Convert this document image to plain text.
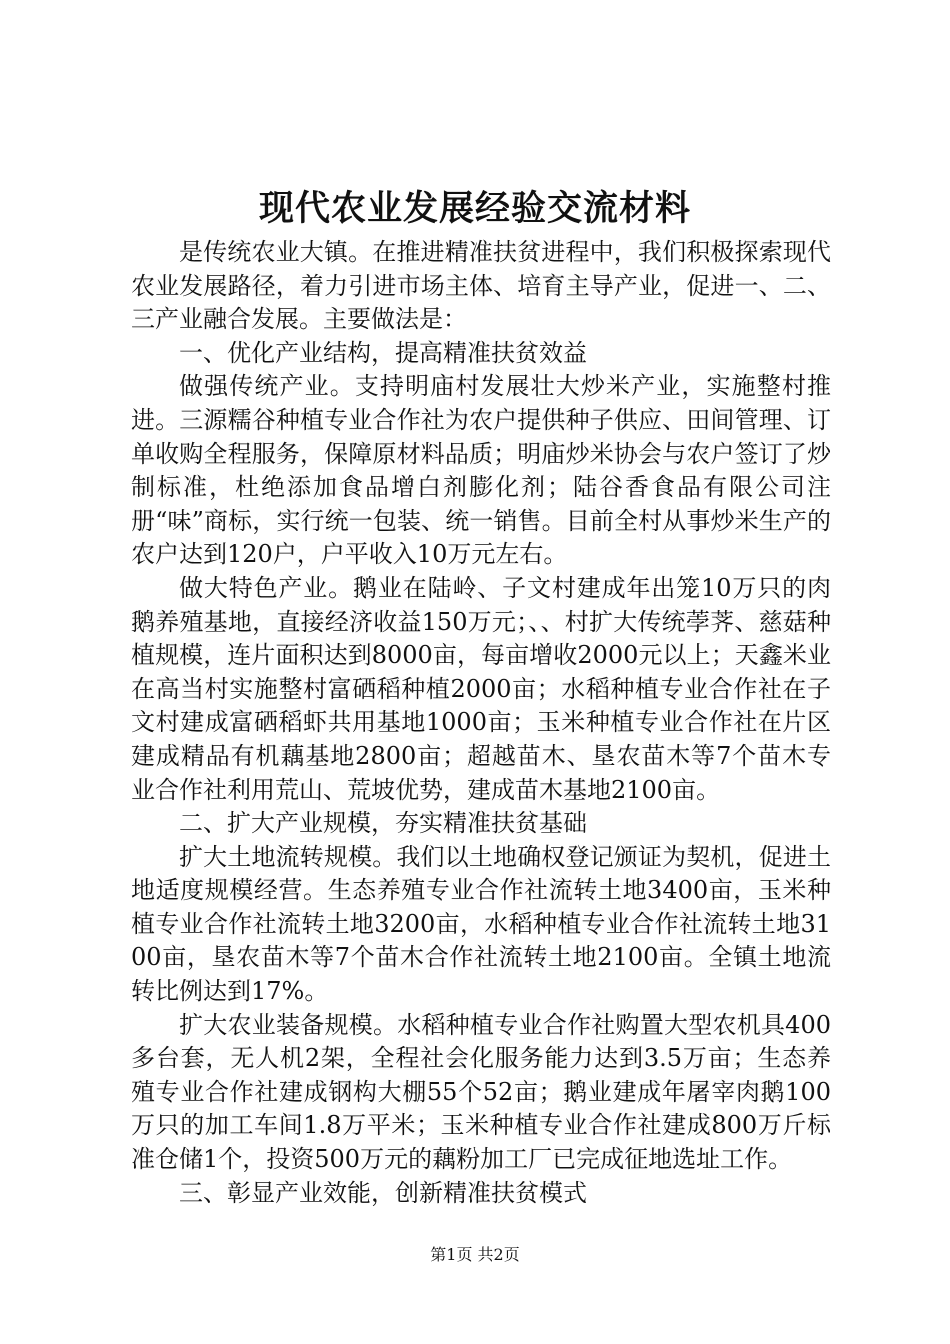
现代农业发展经验交流材料

是传统农业大镇。在推进精准扶贫进程中，我们积极探索现代农业发展路径，着力引进市场主体、培育主导产业，促进一、二、三产业融合发展。主要做法是：

一、优化产业结构，提高精准扶贫效益

做强传统产业。支持明庙村发展壮大炒米产业，实施整村推进。三源糯谷种植专业合作社为农户提供种子供应、田间管理、订单收购全程服务，保障原材料品质；明庙炒米协会与农户签订了炒制标准，杜绝添加食品增白剂膨化剂；陆谷香食品有限公司注册“味”商标，实行统一包装、统一销售。目前全村从事炒米生产的农户达到120户，户平收入10万元左右。

做大特色产业。鹅业在陆岭、子文村建成年出笼10万只的肉鹅养殖基地，直接经济收益150万元；、、村扩大传统荸荠、慈菇种植规模，连片面积达到8000亩，每亩增收2000元以上；天鑫米业在高当村实施整村富硒稻种植2000亩；水稻种植专业合作社在子文村建成富硒稻虾共用基地1000亩；玉米种植专业合作社在片区建成精品有机藕基地2800亩；超越苗木、垦农苗木等7个苗木专业合作社利用荒山、荒坡优势，建成苗木基地2100亩。

二、扩大产业规模，夯实精准扶贫基础

扩大土地流转规模。我们以土地确权登记颁证为契机，促进土地适度规模经营。生态养殖专业合作社流转土地3400亩，玉米种植专业合作社流转土地3200亩，水稻种植专业合作社流转土地3100亩，垦农苗木等7个苗木合作社流转土地2100亩。全镇土地流转比例达到17%。

扩大农业装备规模。水稻种植专业合作社购置大型农机具400多台套，无人机2架，全程社会化服务能力达到3.5万亩；生态养殖专业合作社建成钢构大棚55个52亩；鹅业建成年屠宰肉鹅100万只的加工车间1.8万平米；玉米种植专业合作社建成800万斤标准仓储1个，投资500万元的藕粉加工厂已完成征地选址工作。

三、彰显产业效能，创新精准扶贫模式

第1页 共2页
